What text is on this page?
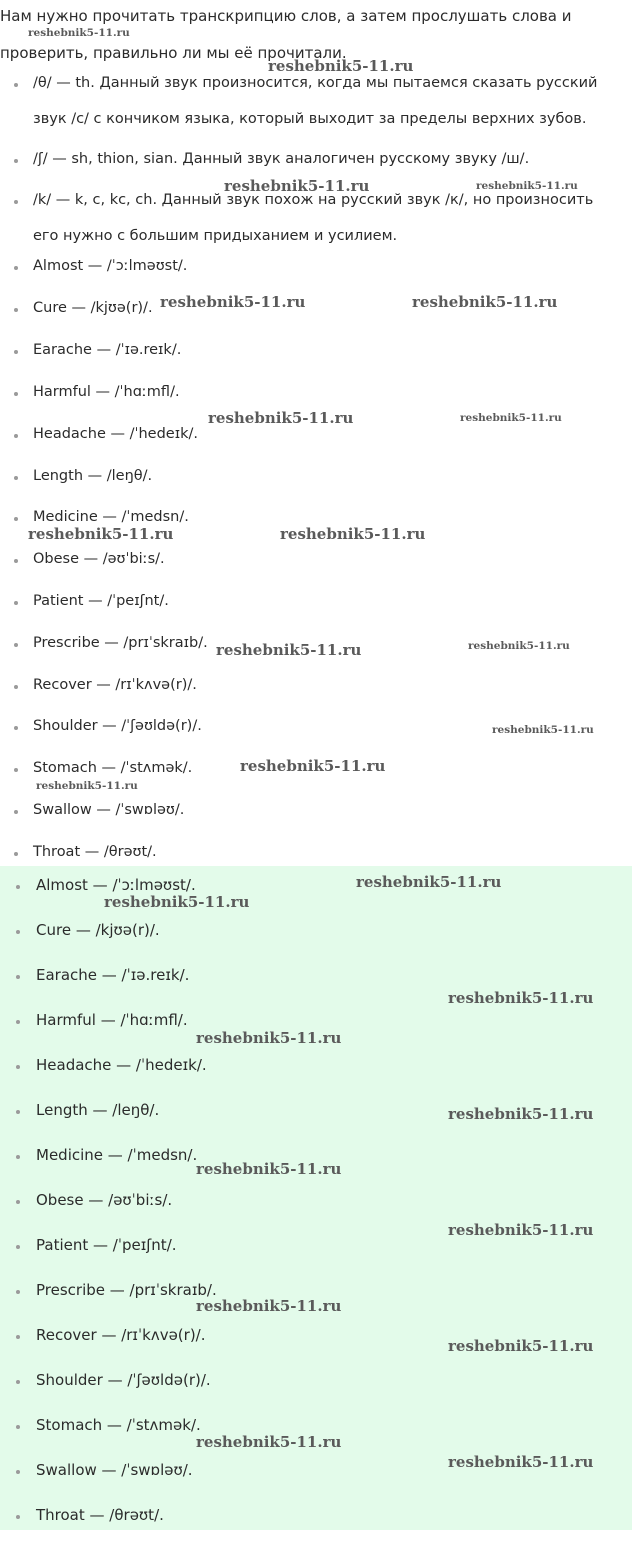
Нам нужно прочитать транскрипцию слов, а затем прослушать слова и
проверить, правильно ли мы её прочитали.
/θ/ — th. Данный звук произносится, когда мы пытаемся сказать русский
звук /с/ с кончиком языка, который выходит за пределы верхних зубов.
/ʃ/ — sh, thion, sian. Данный звук аналогичен русскому звуку /ш/.
/k/ — k, c, kc, ch. Данный звук похож на русский звук /к/, но произносить
его нужно с большим придыханием и усилием.
Almost — /ˈɔːlməʊst/.
Cure — /kjʊə(r)/.
Earache — /ˈɪə.reɪk/.
Harmful — /ˈhɑːmfl/.
Headache — /ˈhedeɪk/.
Length — /leŋθ/.
Medicine — /ˈmedsn/.
Obese — /əʊˈbiːs/.
Patient — /ˈpeɪʃnt/.
Prescribe — /prɪˈskraɪb/.
Recover — /rɪˈkʌvə(r)/.
Shoulder — /ˈʃəʊldə(r)/.
Stomach — /ˈstʌmək/.
Swallow — /ˈswɒləʊ/.
Throat — /θrəʊt/.
Almost — /ˈɔːlməʊst/.
Cure — /kjʊə(r)/.
Earache — /ˈɪə.reɪk/.
Harmful — /ˈhɑːmfl/.
Headache — /ˈhedeɪk/.
Length — /leŋθ/.
Medicine — /ˈmedsn/.
Obese — /əʊˈbiːs/.
Patient — /ˈpeɪʃnt/.
Prescribe — /prɪˈskraɪb/.
Recover — /rɪˈkʌvə(r)/.
Shoulder — /ˈʃəʊldə(r)/.
Stomach — /ˈstʌmək/.
Swallow — /ˈswɒləʊ/.
Throat — /θrəʊt/.
reshebnik5-11.ru
reshebnik5-11.ru
reshebnik5-11.ru	reshebnik5-11.ru
reshebnik5-11.ru	reshebnik5-11.ru
reshebnik5-11.ru	reshebnik5-11.ru
reshebnik5-11.ru	reshebnik5-11.ru
reshebnik5-11.ru	reshebnik5-11.ru
reshebnik5-11.ru
reshebnik5-11.ru
reshebnik5-11.ru
reshebnik5-11.ru
reshebnik5-11.ru
reshebnik5-11.ru
reshebnik5-11.ru
reshebnik5-11.ru
reshebnik5-11.ru
reshebnik5-11.ru
reshebnik5-11.ru
reshebnik5-11.ru
reshebnik5-11.ru
reshebnik5-11.ru
